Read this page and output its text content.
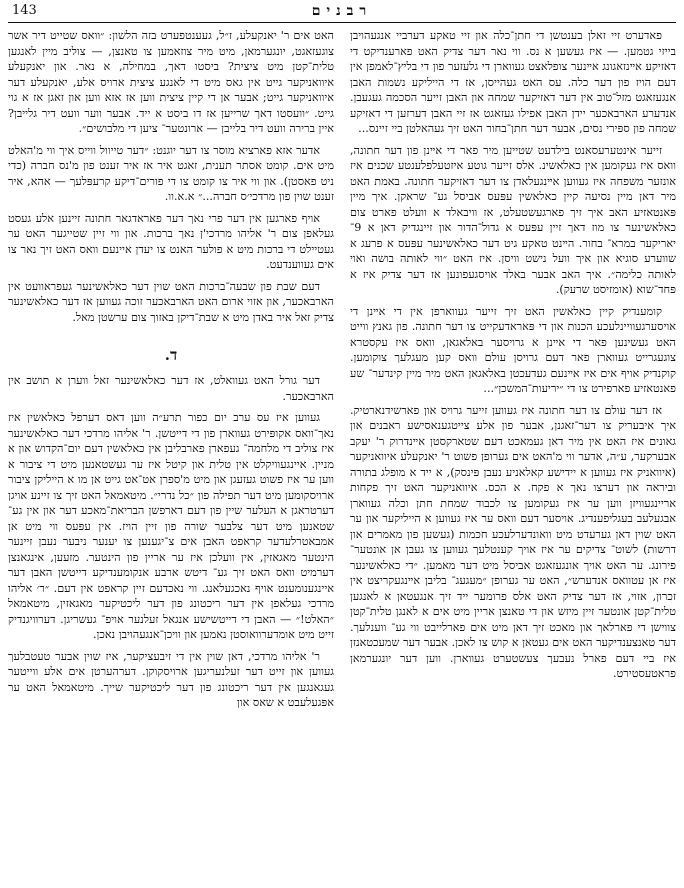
143	רבנים

פאדערט זיי זאלן בענטשן די חתן־כלה און זיי טאקע דערביי אנגעהויבן בייזי גטמען. — איז געשען א נס. ווי נאר דער צדיק האט פארענדיקט די דאזיקע אײנזאגונג אײנער צופלאצט געווארן די גלעזער פון די בליץ־לאמפן אין דעם הויז פון דער כלה. עס האט געהייסן, אז די הייליקע נשמות האבן אנגעזאגט מזל־טוב אין דער דאזיקער שמחה און האבן זייער הסכמה געגעבן. אנדערע הארבאכער יידן האבן אפילו געזאגט אז זיי האבן דערזען די דאזיקע שמחה פון ספּירי נסים, אבער דער חתן־בחור האט זיך געהאלטן ביי זיינס...

זייער אינטערעסאנט בילדעט שטייען מיר פאר די אײנן פון דער חתונה, וואס איז געקומען אין כאלאשינ. אלס זייער גוטע איזטעלפלענטע שכנים איז אונזער משפחה איז געווען אײנגעלאדן צו דער דאזיקער חתונה. באמת האט מיר דאן מיין נסיעה קיין כאלאשין עפּעס אביסל גע־ שראקן. איך מיין פּאנטאזיע האב איך זיך פארגעשטעלט, אז וויבאלד א וועלט פארט צום כאלאשינער צו מוז דאך זיין עפּעס א גדול־הדור און זיינגדיק דאן א 9־יאריקער במרא־ בחור. הײנט טאקע גיט דער כאלאשינער עפּעס א פרעג א שווערע סוגיא און איך וועל נישט וויסן. איז האט ״ווי לאותה בושה ואוי לאותה כלימה״. איך האב אבער באלד אויסגעפונען אז דער צדיק איז א פּחד־שוא (אומזיסט שרעק).

קומענדיק קיין כאלאשין האט זיך זייער געווארפן אין די אײנן די אויסערגעוויינלעכע הכנות און די פּאראדעקייט צו דער חתונה. פון גאנץ ווייט האט געשינען פאר די אײנן א גרויסער באלאגאן, וואס איז עקסטרא צוגעגרייט געווארן פאר דעם גרויסן עולם וואס קען מעגלעך צוקומען. קוקנדיק אויף אים איז אײנעם געדעכטן באלאגאן האט מיר מיין קינדער־ שע פאנטאזיע פארפירט צו די ״יריעות־המשכן״...

אז דער עולם צו דער חתונה איז געווען זייער גרויס און פארשידנארטיק. איך איבעריק צו דער־זאגנן, אבער פון אלע צייטגענאסישע ראבנים און גאונים איז האט אין מיר דאן געמאכט דעם שטארקסטן אײנדרוק ר' יעקב אבערקער, ע״ה, אדער ווי מ'האט אים גערופן פשוט ר' יאנקעלע איוואניקער (איוואניק איז געווען א יידישע קאלאניע נעבן פּינסק), א ייד א מופלג בתורה וביראה און דערצו נאך א פקח. א הכס. איוואניקער האט זיך פקחות אריינגעוויזן ווען ער איז געקומען צו לכבוד שמחת חתן וכלה געווארן אבגעלעב בעגליפענדיג. אויסער דעם וואס ער איז געווען א הייליקער און ער האט שוין דאן גערעדט מיט וואונדערלעכע חכמות (געשען פון מאמרים און דרשות) לשוט־ צדיקים ער איז אויך קענטלעך געווען צו געבן אן אונטער־ פירונג. ער האט אויך אונגעזאגט אביסל מיט דער מאמען. ״די כאלאשינער איז אן עטוואס אנדערש״, האט ער גערופן ״מעגעג־ בליבן אײנגעקריצט אין זכרון, אזוי, אז דער צדיק האט אלס פרומער ייד זיך אנגעטאן א לאנגען טלית־קטן אונטער זיין מיזש און די טאנצן אריין מיט אים א לאנגן טלית־קטן צווישן די פארלאך און מאכט זיך דאן מיט אים פארלייבט ווי גע־ ווענלעך. דער טאנצענדיקער האט אים געטאן א קוש צו לאכן. אבער דער שמעכטאנזן איז ביי דעם פארל נעבעך צעשטערט געווארן. ווען דער יונגערמאן פראטעסטירט.

האט אים ר' יאנקעלע, ז״ל, געענטפערט בזה הלשון: ״וואס שטייט דיר אשר צוגעזאגט, יונגערמאן, מיט מיר צוזאמען צו טאנצן, — צוליב מיין לאנגען טלית־קטן מיט ציצית? ביסטו דאך, במחילה, א נאר. און יאנקעלע איוואניקער גייט אין גאס מיט די לאנגע ציצית ארויס אלע, יאנקעלע דער איוואניקער גייט; אבער אן די קיין ציצית ווען אז אזא ווען און זאגן אז א גוי גייט. ״וועסטו דאך שרייען אז דו ביסט א ייד. אבער ווער וועט דיר גלייבן? איין ברירה וועט דיר בלייבן — ארונטער־ ציען די מלבושים״.

אדער אזא פארציא מוסר צו דער יוגנט: ״דער טייוול ווייס איך ווי מ'האלט מיט אים. קומט אסתר תענית, זאגט איר אז איר זענט פון מ'נס חברה (כדי ניט פאסטן). און ווי איר צו קומט צו די פורים־דיקע קרעפּלעך — אהא, איר זענט שוין פון מרדכי׳ס חברה...״ א.א.וו.

אויף פארגען אין דער פרי נאך דער פאראדגאר חתונה זיינען אלע געסט געלאפן צום ר' אליהו מרדכי'ן נאך ברכות. און ווי זיין שטייגער האט ער געטיילט די ברכות מיט א פולער האנט צו יעדן איינעם וואס האט זיך נאר צו אים געווענדעט.

דעם שבת פון שבעה־ברכות האט שוין דער כאלאשינער געפראוועט אין הארבאכער, און אזוי ארום האט הארבאכער זוכה געווען אז דער כאלאשינער צדיק זאל איר באדן מיט א שבת־דיקן באזוך צום ערשטן מאל.

ד.

דער גורל האט געוואלט, אז דער כאלאשינער זאל ווערן א תושב אין הארבאכער.

געווען איז עס ערב יום כפור תרע״ה ווען דאס דערפל כאלאשין איז נאך־וואס אקופּירט געווארן פון די דייטשן. ר' אליהו מרדכי דער כאלאשינער איז צוליב די מלחמה־ געפארן פארבליבן אין כאלאשין דעם יום־הקדוש און א מניין. איינגעוויקלט אין טלית און קיטל איז ער געשטאנען מיט די ציבור א ווען ער איז פשוט געזעגן און מיט מ'ספרן אט־אט גייט אן מו א הייליקן ציבור ארויסקומען מיט דער תפילה פון ״כל נדרי״. מיטאמאל האט זיך צו זיינע אויגן דערטראגן א העלער שיין פון דעם דארפשן הבריאת־מאכע דער און אין גע־ שטאנען מיט דער צלבער שורה פון זיין הויז. אין עפּעס ווי מיט אן אמבאטרלעדער קראפט האבן אים צ־יגענען צו יענער ניבער נעבן זיינער הינטער מאגאזין, אין וועלכן איז ער אריין פון הינטער. מזעען, אינגאנצן דערמיט וואס האט זיך גע־ דיטש ארבע אנקומענדיקע דייטשן האבן דער איינגענומענט אויף נאכגעלאנג. ווי נאכדעם זיין קראפט אין דעם. ״ר׳ אליהו מרדכי געלאפן אין דער ריכטונג פון דער ליכטיקער מאגאזין, מיטאמאל ״האלט!״ — האבן די דייטשישע אנגאל זעלנער אויפ־ געשריגן. דערוויגנדיק זייט מיט אומדערוואוסטן נאמען און וויכן־אנגעהויבן נאכן.

ר' אליהו מרדכי, דאן שוין אין די זיבעציקער, איז שוין אבער טעטבלעך געווען און זייט דער זעלנעריגען ארויסקוקן. דערהערטן אים אלע ווייטער געגאנגען אין דער ריכטונג פון דער ליכטיקער שייך. מיטאמאל האט ער אפּגעלעבט א שאס און
